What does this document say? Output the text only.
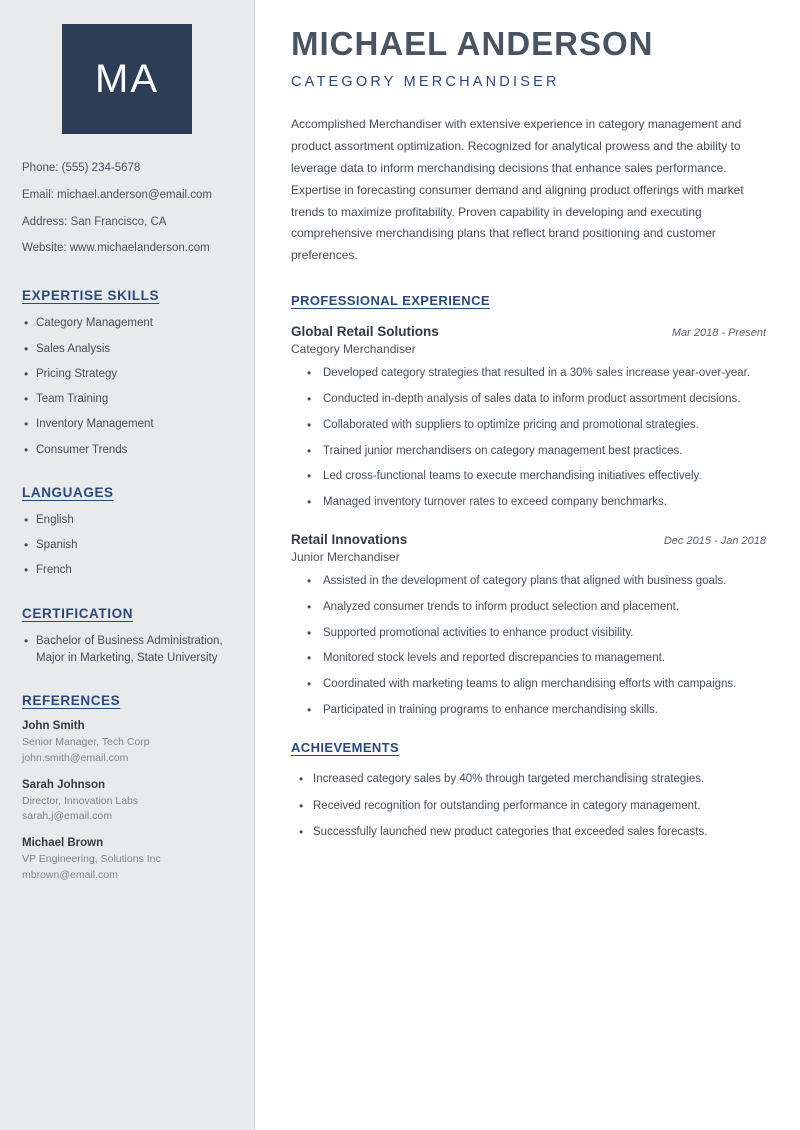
MA
Phone: (555) 234-5678
Email: michael.anderson@email.com
Address: San Francisco, CA
Website: www.michaelanderson.com
EXPERTISE SKILLS
• Category Management
• Sales Analysis
• Pricing Strategy
• Team Training
• Inventory Management
• Consumer Trends
LANGUAGES
• English
• Spanish
• French
CERTIFICATION
• Bachelor of Business Administration, Major in Marketing, State University
REFERENCES
John Smith
Senior Manager, Tech Corp
john.smith@email.com
Sarah Johnson
Director, Innovation Labs
sarah.j@email.com
Michael Brown
VP Engineering, Solutions Inc
mbrown@email.com
MICHAEL ANDERSON
CATEGORY MERCHANDISER

Accomplished Merchandiser with extensive experience in category management and product assortment optimization. Recognized for analytical prowess and the ability to leverage data to inform merchandising decisions that enhance sales performance. Expertise in forecasting consumer demand and aligning product offerings with market trends to maximize profitability. Proven capability in developing and executing comprehensive merchandising plans that reflect brand positioning and customer preferences.

PROFESSIONAL EXPERIENCE
Global Retail Solutions	Mar 2018 - Present
Category Merchandiser
• Developed category strategies that resulted in a 30% sales increase year-over-year.
• Conducted in-depth analysis of sales data to inform product assortment decisions.
• Collaborated with suppliers to optimize pricing and promotional strategies.
• Trained junior merchandisers on category management best practices.
• Led cross-functional teams to execute merchandising initiatives effectively.
• Managed inventory turnover rates to exceed company benchmarks.
Retail Innovations	Dec 2015 - Jan 2018
Junior Merchandiser
• Assisted in the development of category plans that aligned with business goals.
• Analyzed consumer trends to inform product selection and placement.
• Supported promotional activities to enhance product visibility.
• Monitored stock levels and reported discrepancies to management.
• Coordinated with marketing teams to align merchandising efforts with campaigns.
• Participated in training programs to enhance merchandising skills.
ACHIEVEMENTS
• Increased category sales by 40% through targeted merchandising strategies.
• Received recognition for outstanding performance in category management.
• Successfully launched new product categories that exceeded sales forecasts.
